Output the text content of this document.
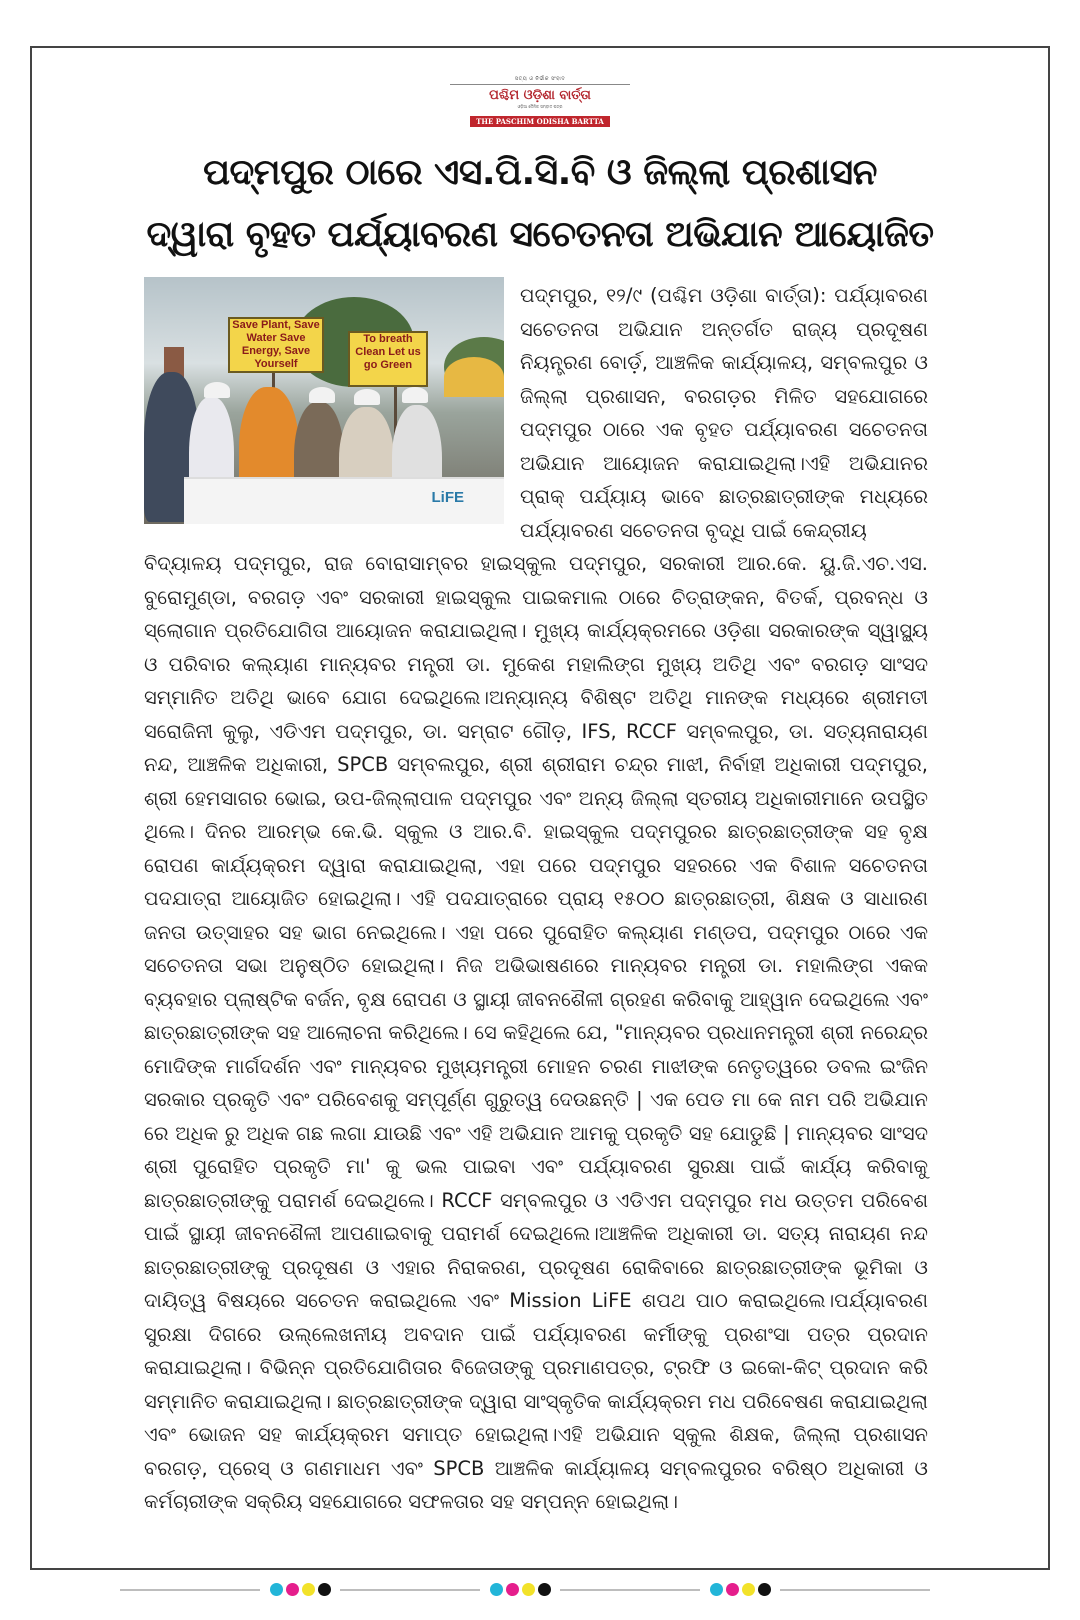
ସତ୍ୟ ଓ ନିର୍ଭୀକ ସଂବାଦ
ପଶ୍ଚିମ ଓଡ଼ିଶା ବାର୍ତ୍ତା
ଓଡ଼ିଆ ଦୈନିକ ସମ୍ବାଦ ପତ୍ର
THE PASCHIM ODISHA BARTTA
ପଦ୍ମପୁର ଠାରେ ଏସ.ପି.ସି.ବି ଓ ଜିଲ୍ଲା ପ୍ରଶାସନ
ଦ୍ୱାରା ବୃହତ ପର୍ଯ୍ୟାବରଣ ସଚେତନତା ଅଭିଯାନ ଆୟୋଜିତ
Save Plant, Save Water Save Energy, Save Yourself
To breath Clean Let us go Green
LiFE
ପଦ୍ମପୁର, ୧୨/୯ (ପଶ୍ଚିମ ଓଡ଼ିଶା ବାର୍ତ୍ତା): ପର୍ଯ୍ୟାବରଣ ସଚେତନତା ଅଭିଯାନ ଅନ୍ତର୍ଗତ ରାଜ୍ୟ ପ୍ରଦୂଷଣ ନିୟନ୍ତ୍ରଣ ବୋର୍ଡ଼, ଆଞ୍ଚଳିକ କାର୍ଯ୍ୟାଳୟ, ସମ୍ବଲପୁର ଓ ଜିଲ୍ଲା ପ୍ରଶାସନ, ବରଗଡ଼ର ମିଳିତ ସହଯୋଗରେ ପଦ୍ମପୁର ଠାରେ ଏକ ବୃହତ ପର୍ଯ୍ୟାବରଣ ସଚେତନତା ଅଭିଯାନ ଆୟୋଜନ କରାଯାଇଥିଲା।ଏହି ଅଭିଯାନର ପ୍ରାକ୍ ପର୍ଯ୍ୟାୟ ଭାବେ ଛାତ୍ରଛାତ୍ରୀଙ୍କ ମଧ୍ୟରେ ପର୍ଯ୍ୟାବରଣ ସଚେତନତା ବୃଦ୍ଧି ପାଇଁ କେନ୍ଦ୍ରୀୟ
ବିଦ୍ୟାଳୟ ପଦ୍ମପୁର, ରାଜ ବୋରାସାମ୍ବର ହାଇସ୍କୁଲ ପଦ୍ମପୁର, ସରକାରୀ ଆର.କେ. ୟୁ.ଜି.ଏଚ.ଏସ. ବୁରୋମୁଣ୍ଡା, ବରଗଡ଼ ଏବଂ ସରକାରୀ ହାଇସ୍କୁଲ ପାଇକମାଲ ଠାରେ ଚିତ୍ରାଙ୍କନ, ବିତର୍କ, ପ୍ରବନ୍ଧ ଓ ସ୍ଲୋଗାନ ପ୍ରତିଯୋଗିତା ଆୟୋଜନ କରାଯାଇଥିଲା। ମୁଖ୍ୟ କାର୍ଯ୍ୟକ୍ରମରେ ଓଡ଼ିଶା ସରକାରଙ୍କ ସ୍ୱାସ୍ଥ୍ୟ ଓ ପରିବାର କଲ୍ୟାଣ ମାନ୍ୟବର ମନ୍ତ୍ରୀ ଡା. ମୁକେଶ ମହାଲିଙ୍ଗ ମୁଖ୍ୟ ଅତିଥି ଏବଂ ବରଗଡ଼ ସାଂସଦ ସମ୍ମାନିତ ଅତିଥି ଭାବେ ଯୋଗ ଦେଇଥିଲେ।ଅନ୍ୟାନ୍ୟ ବିଶିଷ୍ଟ ଅତିଥି ମାନଙ୍କ ମଧ୍ୟରେ ଶ୍ରୀମତୀ ସରୋଜିନୀ କୁଲୁ, ଏଡିଏମ ପଦ୍ମପୁର, ଡା. ସମ୍ରାଟ ଗୌଡ଼, IFS, RCCF ସମ୍ବଲପୁର, ଡା. ସତ୍ୟନାରାୟଣ ନନ୍ଦ, ଆଞ୍ଚଳିକ ଅଧିକାରୀ, SPCB ସମ୍ବଲପୁର, ଶ୍ରୀ ଶ୍ରୀରାମ ଚନ୍ଦ୍ର ମାଝୀ, ନିର୍ବାହୀ ଅଧିକାରୀ ପଦ୍ମପୁର, ଶ୍ରୀ ହେମସାଗର ଭୋଇ, ଉପ-ଜିଲ୍ଲାପାଳ ପଦ୍ମପୁର ଏବଂ ଅନ୍ୟ ଜିଲ୍ଲା ସ୍ତରୀୟ ଅଧିକାରୀମାନେ ଉପସ୍ଥିତ ଥିଲେ। ଦିନର ଆରମ୍ଭ କେ.ଭି. ସ୍କୁଲ ଓ ଆର.ବି. ହାଇସ୍କୁଲ ପଦ୍ମପୁରର ଛାତ୍ରଛାତ୍ରୀଙ୍କ ସହ ବୃକ୍ଷ ରୋପଣ କାର୍ଯ୍ୟକ୍ରମ ଦ୍ୱାରା କରାଯାଇଥିଲା, ଏହା ପରେ ପଦ୍ମପୁର ସହରରେ ଏକ ବିଶାଳ ସଚେତନତା ପଦଯାତ୍ରା ଆୟୋଜିତ ହୋଇଥିଲା। ଏହି ପଦଯାତ୍ରାରେ ପ୍ରାୟ ୧୫୦୦ ଛାତ୍ରଛାତ୍ରୀ, ଶିକ୍ଷକ ଓ ସାଧାରଣ ଜନତା ଉତ୍ସାହର ସହ ଭାଗ ନେଇଥିଲେ। ଏହା ପରେ ପୁରୋହିତ କଲ୍ୟାଣ ମଣ୍ଡପ, ପଦ୍ମପୁର ଠାରେ ଏକ ସଚେତନତା ସଭା ଅନୁଷ୍ଠିତ ହୋଇଥିଲା। ନିଜ ଅଭିଭାଷଣରେ ମାନ୍ୟବର ମନ୍ତ୍ରୀ ଡା. ମହାଲିଙ୍ଗ ଏକକ ବ୍ୟବହାର ପ୍ଲାଷ୍ଟିକ ବର୍ଜନ, ବୃକ୍ଷ ରୋପଣ ଓ ସ୍ଥାୟୀ ଜୀବନଶୈଳୀ ଗ୍ରହଣ କରିବାକୁ ଆହ୍ୱାନ ଦେଇଥିଲେ ଏବଂ ଛାତ୍ରଛାତ୍ରୀଙ୍କ ସହ ଆଲୋଚନା କରିଥିଲେ। ସେ କହିଥିଲେ ଯେ, "ମାନ୍ୟବର ପ୍ରଧାନମନ୍ତ୍ରୀ ଶ୍ରୀ ନରେନ୍ଦ୍ର ମୋଦିଙ୍କ ମାର୍ଗଦର୍ଶନ ଏବଂ ମାନ୍ୟବର ମୁଖ୍ୟମନ୍ତ୍ରୀ ମୋହନ ଚରଣ ମାଝୀଙ୍କ ନେତୃତ୍ୱରେ ଡବଲ ଇଂଜିନ ସରକାର ପ୍ରକୃତି ଏବଂ ପରିବେଶକୁ ସମ୍ପୂର୍ଣ୍ଣ ଗୁରୁତ୍ୱ ଦେଉଛନ୍ତି | ଏକ ପେଡ ମା କେ ନାମ ପରି ଅଭିଯାନ ରେ ଅଧିକ ରୁ ଅଧିକ ଗଛ ଲଗା ଯାଉଛି ଏବଂ ଏହି ଅଭିଯାନ ଆମକୁ ପ୍ରକୃତି ସହ ଯୋଡୁଛି | ମାନ୍ୟବର ସାଂସଦ ଶ୍ରୀ ପୁରୋହିତ ପ୍ରକୃତି ମା' କୁ ଭଲ ପାଇବା ଏବଂ ପର୍ଯ୍ୟାବରଣ ସୁରକ୍ଷା ପାଇଁ କାର୍ଯ୍ୟ କରିବାକୁ ଛାତ୍ରଛାତ୍ରୀଙ୍କୁ ପରାମର୍ଶ ଦେଇଥିଲେ। RCCF ସମ୍ବଲପୁର ଓ ଏଡିଏମ ପଦ୍ମପୁର ମଧ ଉତ୍ତମ ପରିବେଶ ପାଇଁ ସ୍ଥାୟୀ ଜୀବନଶୈଳୀ ଆପଣାଇବାକୁ ପରାମର୍ଶ ଦେଇଥିଲେ।ଆଞ୍ଚଳିକ ଅଧିକାରୀ ଡା. ସତ୍ୟ ନାରାୟଣ ନନ୍ଦ ଛାତ୍ରଛାତ୍ରୀଙ୍କୁ ପ୍ରଦୂଷଣ ଓ ଏହାର ନିରାକରଣ, ପ୍ରଦୂଷଣ ରୋକିବାରେ ଛାତ୍ରଛାତ୍ରୀଙ୍କ ଭୂମିକା ଓ ଦାୟିତ୍ୱ ବିଷୟରେ ସଚେତନ କରାଇଥିଲେ ଏବଂ Mission LiFE ଶପଥ ପାଠ କରାଇଥିଲେ।ପର୍ଯ୍ୟାବରଣ ସୁରକ୍ଷା ଦିଗରେ ଉଲ୍ଲେଖନୀୟ ଅବଦାନ ପାଇଁ ପର୍ଯ୍ୟାବରଣ କର୍ମୀଙ୍କୁ ପ୍ରଶଂସା ପତ୍ର ପ୍ରଦାନ କରାଯାଇଥିଲା। ବିଭିନ୍ନ ପ୍ରତିଯୋଗିତାର ବିଜେତାଙ୍କୁ ପ୍ରମାଣପତ୍ର, ଟ୍ରଫି ଓ ଇକୋ-କିଟ୍ ପ୍ରଦାନ କରି ସମ୍ମାନିତ କରାଯାଇଥିଲା। ଛାତ୍ରଛାତ୍ରୀଙ୍କ ଦ୍ୱାରା ସାଂସ୍କୃତିକ କାର୍ଯ୍ୟକ୍ରମ ମଧ ପରିବେଷଣ କରାଯାଇଥିଲା ଏବଂ ଭୋଜନ ସହ କାର୍ଯ୍ୟକ୍ରମ ସମାପ୍ତ ହୋଇଥିଲା।ଏହି ଅଭିଯାନ ସ୍କୁଲ ଶିକ୍ଷକ, ଜିଲ୍ଲା ପ୍ରଶାସନ ବରଗଡ଼, ପ୍ରେସ୍ ଓ ଗଣମାଧମ ଏବଂ SPCB ଆଞ୍ଚଳିକ କାର୍ଯ୍ୟାଳୟ ସମ୍ବଲପୁରର ବରିଷ୍ଠ ଅଧିକାରୀ ଓ କର୍ମଚାରୀଙ୍କ ସକ୍ରିୟ ସହଯୋଗରେ ସଫଳତାର ସହ ସମ୍ପନ୍ନ ହୋଇଥିଲା।
